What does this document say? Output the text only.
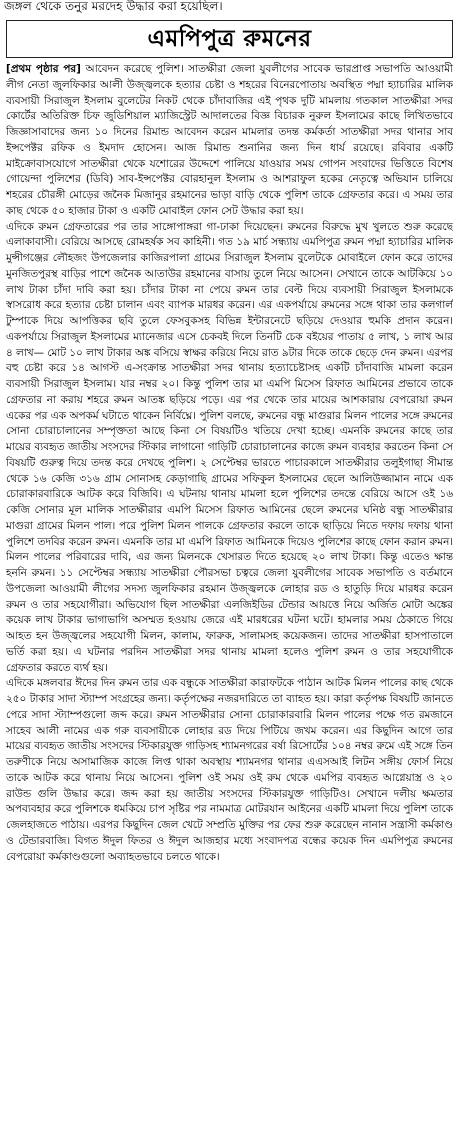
জঙ্গল থেকে তনুর মরদেহ উদ্ধার করা হয়েছিল।
এমপিপুত্র রুমনের

[প্রথম পৃষ্ঠার পর] আবেদন করেছে পুলিশ। সাতক্ষীরা জেলা যুবলীগের সাবেক ভারপ্রাপ্ত সভাপতি আওয়ামী লীগ নেতা জুলফিকার আলী উজ্জ্বলকে হত্যার চেষ্টা ও শহরের বিনেরপোতায় অবস্থিত পদ্মা হ্যাচারির মালিক ব্যবসায়ী সিরাজুল ইসলাম বুলেটের নিকট থেকে চাঁদাবাজির এই পৃথক দুটি মামলায় গতকাল সাতক্ষীরা সদর কোর্টের অতিরিক্ত চিফ জুডিশিয়াল ম্যাজিস্ট্রেট আদালতের বিজ্ঞ বিচারক নুরুল ইসলামের কাছে লিখিতভাবে জিজ্ঞাসাবাদের জন্য ১০ দিনের রিমান্ড আবেদন করেন মামলার তদন্ত কর্মকর্তা সাতক্ষীরা সদর থানার সাব ইন্সপেক্টর রফিক ও ইমদাদ হোসেন। আজ রিমান্ড শুনানির জন্য দিন ধার্য রয়েছে। রবিবার একটি মাইক্রোবাসযোগে সাতক্ষীরা থেকে যশোরের উদ্দেশে পালিয়ে যাওয়ার সময় গোপন সংবাদের ভিত্তিতে বিশেষ গোয়েন্দা পুলিশের (ডিবি) সাব-ইন্সপেক্টর বোরহানুল ইসলাম ও আশরাফুল হকের নেতৃত্বে অভিযান চালিয়ে শহরের চৌরঙ্গী মোড়ের জনৈক মিজানুর রহমানের ভাড়া বাড়ি থেকে পুলিশ তাকে গ্রেফতার করে। এ সময় তার কাছ থেকে ৫০ হাজার টাকা ও একটি মোবাইল ফোন সেট উদ্ধার করা হয়।

এদিকে রুমন গ্রেফতারের পর তার সাঙ্গোপাঙ্গরা গা-ঢাকা দিয়েছেন। রুমনের বিরুদ্ধে মুখ খুলতে শুরু করেছে এলাকাবাসী। বেরিয়ে আসছে রোমহর্ষক সব কাহিনী। গত ১৯ মার্চ সন্ধ্যায় এমপিপুত্র রুমন পদ্মা হ্যাচারির মালিক মুন্সীগঞ্জের লৌহজং উপজেলার কাজিরপালা গ্রামের সিরাজুল ইসলাম বুলেটকে মোবাইলে ফোন করে তাদের মুনজিতপুরস্থ বাড়ির পাশে জনৈক আতাউর রহমানের বাসায় তুলে নিয়ে আসেন। সেখানে তাকে আটকিয়ে ১০ লাখ টাকা চাঁদা দাবি করা হয়। চাঁদার টাকা না পেয়ে রুমন তার বেল্ট দিয়ে ব্যবসায়ী সিরাজুল ইসলামকে স্বাসরোধ করে হত্যার চেষ্টা চালান এবং ব্যাপক মারধর করেন। এর একপর্যায়ে রুমনের সঙ্গে থাকা তার কলগার্ল টুম্পাকে দিয়ে আপত্তিকর ছবি তুলে ফেসবুকসহ বিভিন্ন ইন্টারনেটে ছড়িয়ে দেওয়ার হুমকি প্রদান করেন। একপর্যায়ে সিরাজুল ইসলামের ম্যানেজার এসে চেকবই দিলে তিনটি চেক বইয়ের পাতায় ৫ লাখ, ১ লাখ আর ৪ লাখ— মোট ১০ লাখ টাকার অঙ্ক বসিয়ে স্বাক্ষর করিয়ে নিয়ে রাত ৯টার দিকে তাকে ছেড়ে দেন রুমন। এরপর বহু চেষ্টা করে ১৪ আগস্ট এ-সংক্রান্ত সাতক্ষীরা সদর থানায় হত্যাচেষ্টাসহ একটি চাঁদাবাজি মামলা করেন ব্যবসায়ী সিরাজুল ইসলাম। যার নম্বর ২০। কিন্তু পুলিশ তার মা এমপি মিসেস রিফাত আমিনের প্রভাবে তাকে গ্রেফতার না করায় শহরে রুমন আতঙ্ক ছড়িয়ে পড়ে। এর পর থেকে তার মায়ের আশকারায় বেপরোয়া রুমন একের পর এক অপকর্ম ঘটাতে থাকেন নির্বিঘ্নে। পুলিশ বলছে, রুমনের বন্ধু মাগুরার মিলন পালের সঙ্গে রুমনের সোনা চোরাচালানের সম্পৃক্ততা আছে কিনা সে বিষয়টিও খতিয়ে দেখা হচ্ছে। এমনকি রুমনের কাছে তার মায়ের ব্যবহৃত জাতীয় সংসদের স্টিকার লাগানো গাড়িটি চোরাচালানের কাজে রুমন ব্যবহার করতেন কিনা সে বিষয়টি গুরুত্ব দিয়ে তদন্ত করে দেখছে পুলিশ। ২ সেপ্টেম্বর ভারতে পাচারকালে সাতক্ষীরার তলুইগাছা সীমান্ত থেকে ১৬ কেজি ৩১৬ গ্রাম সোনাসহ কেড়াগাছি গ্রামের সফিকুল ইসলামের ছেলে আলিউজ্জামান নামে এক চোরাকারবারিকে আটক করে বিজিবি। এ ঘটনায় থানায় মামলা হলে পুলিশের তদন্তে বেরিয়ে আসে ওই ১৬ কেজি সোনার মূল মালিক সাতক্ষীরার এমপি মিসেস রিফাত আমিনের ছেলে রুমনের ঘনিষ্ঠ বন্ধু সাতক্ষীরার মাগুরা গ্রামের মিলন পাল। পরে পুলিশ মিলন পালকে গ্রেফতার করলে তাকে ছাড়িয়ে নিতে দফায় দফায় থানা পুলিশে তদবির করেন রুমন। এমনকি তার মা এমপি রিফাত আমিনকে দিয়েও পুলিশের কাছে ফোন করান রুমন। মিলন পালের পরিবারের দাবি, এর জন্য মিলনকে খেসারত দিতে হয়েছে ২০ লাখ টাকা। কিন্তু এতেও ক্ষান্ত হননি রুমন। ১১ সেপ্টেম্বর সন্ধ্যায় সাতক্ষীরা পৌরসভা চত্বরে জেলা যুবলীগের সাবেক সভাপতি ও বর্তমানে উপজেলা আওয়ামী লীগের সদস্য জুলফিকার রহমান উজ্জ্বলকে লোহার রড ও হাতুড়ি দিয়ে মারধর করেন রুমন ও তার সহযোগীরা। অভিযোগ ছিল সাতক্ষীরা এলজিইডির টেন্ডার আয়ত্তে নিয়ে অর্জিত মোটা অঙ্কের কয়েক লাখ টাকার ভাগাভাগি অসম্মত হওয়ায় জেরে এই মারধরের ঘটনা ঘটে। হামলার সময় ঠেকাতে গিয়ে আহত হন উজ্জ্বলের সহযোগী মিলন, কালাম, ফারুক, সালামসহ কয়েকজন। তাদের সাতক্ষীরা হাসপাতালে ভর্তি করা হয়। এ ঘটনার পরদিন সাতক্ষীরা সদর থানায় মামলা হলেও পুলিশ রুমন ও তার সহযোগীকে গ্রেফতার করতে ব্যর্থ হয়।

এদিকে মঙ্গলবার ঈদের দিন রুমন তার এক বন্ধুকে সাতক্ষীরা কারাফটকে পাঠান আটক মিলন পালের কাছ থেকে ২৫০ টাকার সাদা স্ট্যাম্প সংগ্রহের জন্য। কর্তৃপক্ষের নজরদারিতে তা ব্যাহত হয়। কারা কর্তৃপক্ষ বিষয়টি জানতে পেরে সাদা স্ট্যাম্পগুলো জব্দ করে। রুমন সাতক্ষীরার সোনা চোরাকারবারি মিলন পালের পক্ষে গত রমজানে সাহেব আলী নামের এক গরু ব্যবসায়ীকে লোহার রড দিয়ে পিটিয়ে জখম করেন। এর কিছুদিন আগে তার মায়ের ব্যবহৃত জাতীয় সংসদের স্টিকারযুক্ত গাড়িসহ শ্যামনগরের বর্ষা রিসোর্টের ১০৪ নম্বর রুমে এই সঙ্গে তিন তরুণীকে নিয়ে অসামাজিক কাজে লিপ্ত থাকা অবস্থায় শ্যামনগর থানার এএসআই লিটন সঙ্গীয় ফোর্স নিয়ে তাকে আটক করে থানায় নিয়ে আসেন। পুলিশ ওই সময় ওই রুম থেকে এমপির ব্যবহৃত আগ্নেয়াস্ত্র ও ২০ রাউন্ড গুলি উদ্ধার করে। জব্দ করা হয় জাতীয় সংসদের স্টিকারযুক্ত গাড়িটিও। সেখানে দলীয় ক্ষমতার অপব্যবহার করে পুলিশকে ধমকিয়ে চাপ সৃষ্টির পর নামমাত্র মোটরযান আইনের একটি মামলা দিয়ে পুলিশ তাকে জেলহাজতে পাঠায়। এরপর কিছুদিন জেল খেটে সম্প্রতি মুক্তির পর ফের শুরু করেছেন নানান সন্ত্রাসী কর্মকাণ্ড ও টেন্ডারবাজি। বিগত ঈদুল ফিতর ও ঈদুল আজহার মধ্যে সংবাদপত্র বন্ধের কয়েক দিন এমপিপুত্র রুমনের বেপরোয়া কর্মকাণ্ডগুলো অব্যাহতভাবে চলতে থাকে।
